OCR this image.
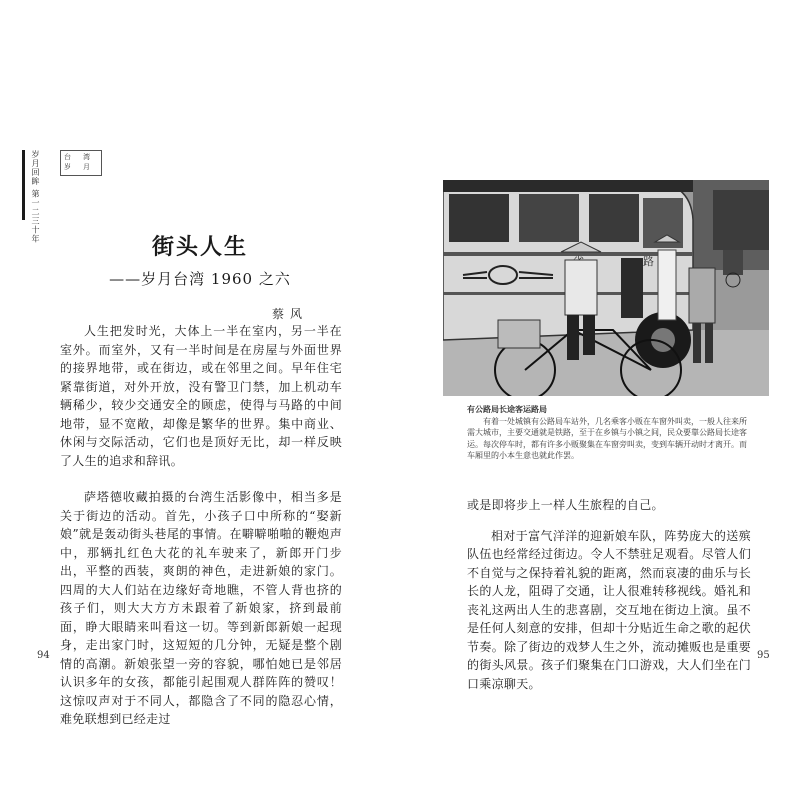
岁月回眸 第一二三十年	台 湾
岁 月
街头人生
——岁月台湾 1960 之六
蔡风

人生把发时光，大体上一半在室内，另一半在室外。而室外，又有一半时间是在房屋与外面世界的接界地带，或在街边，或在邻里之间。早年住宅紧靠街道，对外开放，没有警卫门禁，加上机动车辆稀少，较少交通安全的顾虑，使得与马路的中间地带，显不宽敞，却像是繁华的世界。集中商业、休闲与交际活动，它们也是顶好无比，却一样反映了人生的追求和辞讯。

萨塔德收藏拍摄的台湾生活影像中，相当多是关于街边的活动。首先，小孩子口中所称的“娶新娘”就是轰动街头巷尾的事情。在噼噼啪啪的鞭炮声中，那辆扎红色大花的礼车驶来了，新郎开门步出，平整的西装，爽朗的神色，走进新娘的家门。四周的大人们站在边缘好奇地瞧，不管人背也挤的孩子们，则大大方方未跟着了新娘家，挤到最前面，睁大眼睛来叫看这一切。等到新郎新娘一起现身，走出家门时，这短短的几分钟，无疑是整个剧情的高潮。新娘张望一旁的容貌，哪怕她已是邻居认识多年的女孩，都能引起围观人群阵阵的赞叹！这惊叹声对于不同人，都隐含了不同的隐忍心情，难免联想到已经走过

94
路
有公路局长途客运路局
有着一处城镇有公路局车站外，几名乘客小贩在车窗外叫卖，一般人往来所需大城市，主要交通就是铁路，至于在乡镇与小镇之间，民众要靠公路局长途客运。每次停车时，都有许多小贩聚集在车窗旁叫卖，变到车辆开动时才离开。而车厢里的小本生意也就此作罢。

或是即将步上一样人生旅程的自己。

相对于富气洋洋的迎新娘车队，阵势庞大的送殡队伍也经常经过街边。令人不禁驻足观看。尽管人们不自觉与之保持着礼貌的距离，然而哀凄的曲乐与长长的人龙，阻碍了交通，让人很难转移视线。婚礼和丧礼这两出人生的悲喜剧，交互地在街边上演。虽不是任何人刻意的安排，但却十分贴近生命之歌的起伏节奏。除了街边的戏梦人生之外，流动摊贩也是重要的街头风景。孩子们聚集在门口游戏，大人们坐在门口乘凉聊天。

95
